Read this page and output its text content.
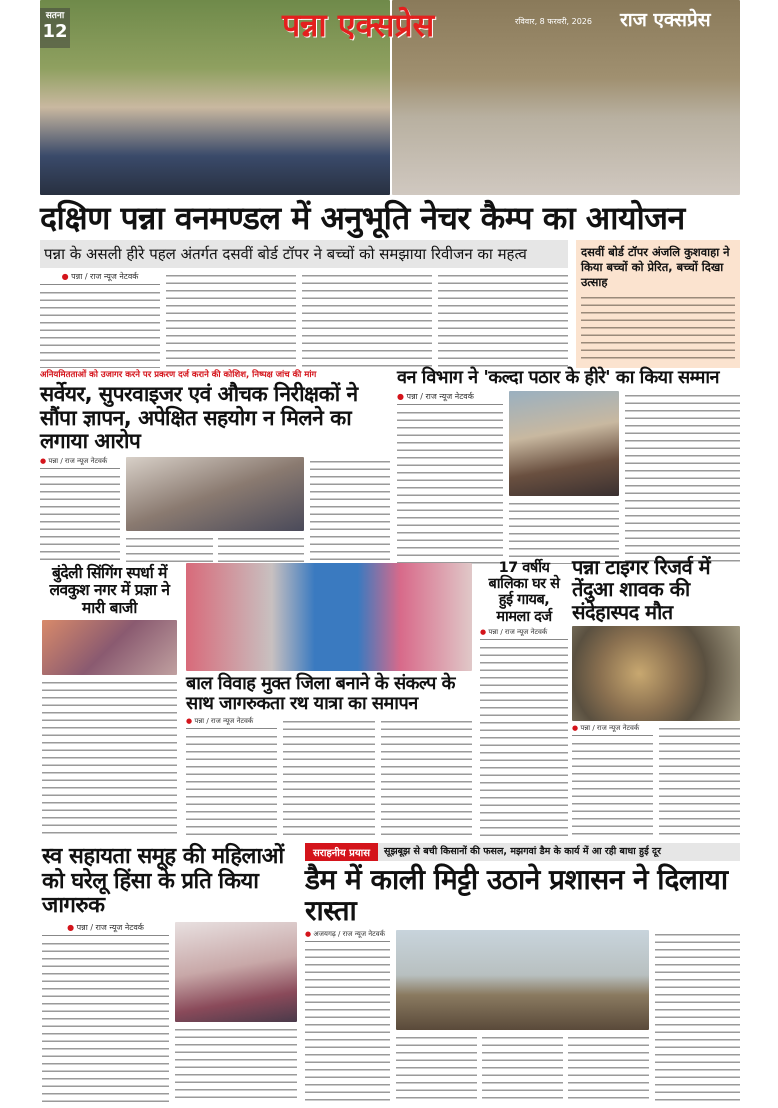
सतना
12	पन्ना एक्सप्रेस	रविवार, 8 फरवरी, 2026	राज एक्सप्रेस
दक्षिण पन्ना वनमण्डल में अनुभूति नेचर कैम्प का आयोजन
पन्ना के असली हीरे पहल अंतर्गत दसवीं बोर्ड टॉपर ने बच्चों को समझाया रिवीजन का महत्व
● पन्ना / राज न्यूज नेटवर्क
दसवीं बोर्ड टॉपर अंजलि कुशवाहा ने किया बच्चों को प्रेरित, बच्चों दिखा उत्साह
अनियमितताओं को उजागर करने पर प्रकरण दर्ज कराने की कोशिश, निष्पक्ष जांच की मांग
सर्वेयर, सुपरवाइजर एवं औचक निरीक्षकों ने सौंपा ज्ञापन, अपेक्षित सहयोग न मिलने का लगाया आरोप
● पन्ना / राज न्यूज नेटवर्क
वन विभाग ने 'कल्दा पठार के हीरे' का किया सम्मान
● पन्ना / राज न्यूज नेटवर्क
बुंदेली सिंगिंग स्पर्धा में लवकुश नगर में प्रज्ञा ने मारी बाजी
बाल विवाह मुक्त जिला बनाने के संकल्प के साथ जागरुकता रथ यात्रा का समापन
● पन्ना / राज न्यूज नेटवर्क
17 वर्षीय बालिका घर से हुई गायब, मामला दर्ज
● पन्ना / राज न्यूज नेटवर्क
पन्ना टाइगर रिजर्व में तेंदुआ शावक की संदेहास्पद मौत
● पन्ना / राज न्यूज नेटवर्क
स्व सहायता समूह की महिलाओं को घरेलू हिंसा के प्रति किया जागरुक
● पन्ना / राज न्यूज नेटवर्क
सराहनीय प्रयास	सूझबूझ से बची किसानों की फसल, मझगवां डैम के कार्य में आ रही बाधा हुई दूर
डैम में काली मिट्टी उठाने प्रशासन ने दिलाया रास्ता
● अजयगढ़ / राज न्यूज नेटवर्क
